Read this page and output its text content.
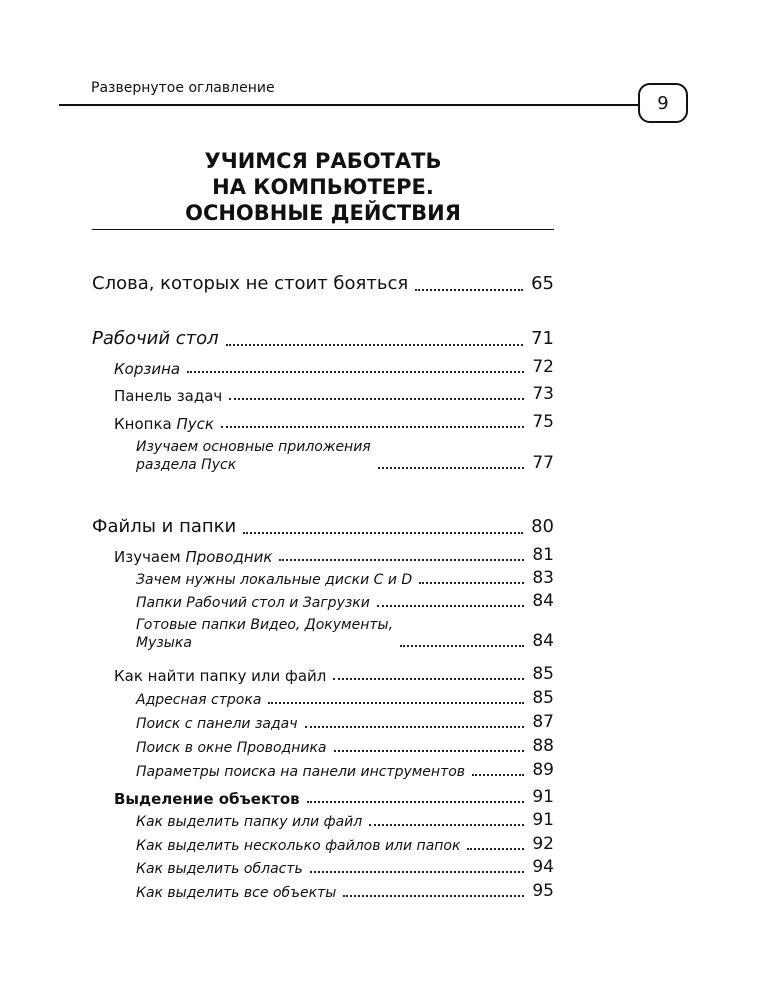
Развернутое оглавление
9
УЧИМСЯ РАБОТАТЬ
НА КОМПЬЮТЕРЕ.
ОСНОВНЫЕ ДЕЙСТВИЯ
Слова, которых не стоит бояться	65
Рабочий стол	71
Корзина	72
Панель задач	73
Кнопка Пуск	75
Изучаем основные приложения
раздела Пуск	77
Файлы и папки	80
Изучаем Проводник	81
Зачем нужны локальные диски C и D	83
Папки Рабочий стол и Загрузки	84
Готовые папки Видео, Документы,
Музыка	84
Как найти папку или файл	85
Адресная строка	85
Поиск с панели задач	87
Поиск в окне Проводника	88
Параметры поиска на панели инструментов	89
Выделение объектов	91
Как выделить папку или файл	91
Как выделить несколько файлов или папок	92
Как выделить область	94
Как выделить все объекты	95
